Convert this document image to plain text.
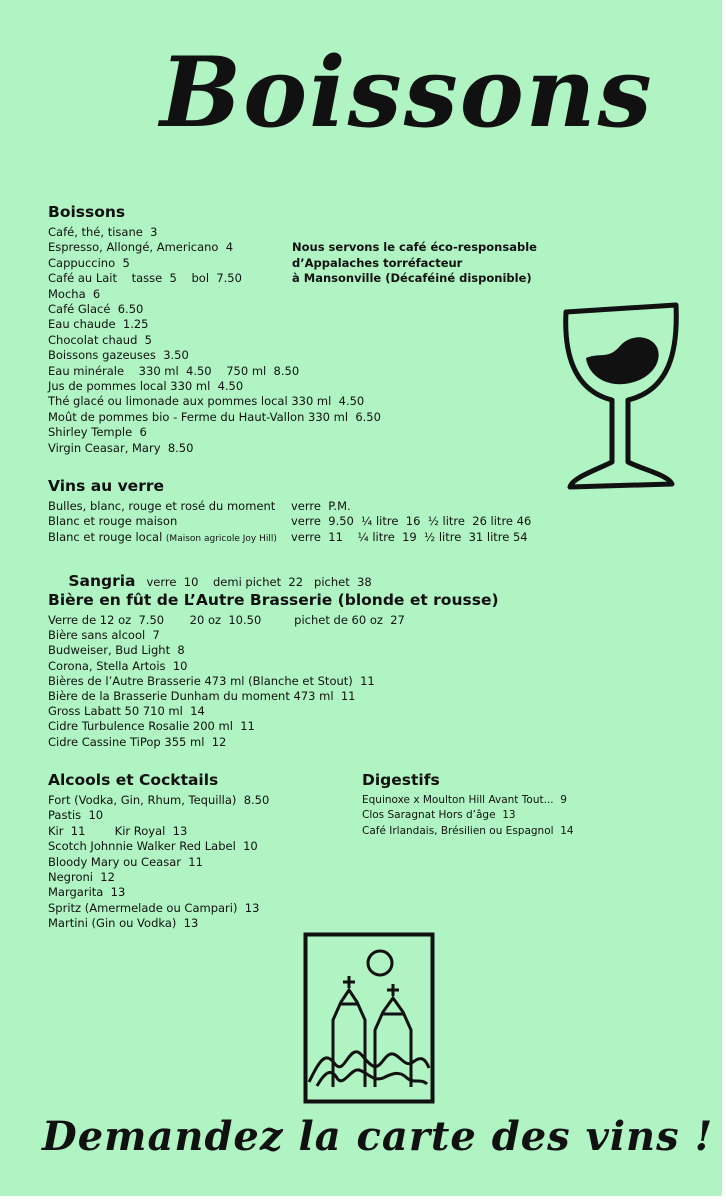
Boissons
Boissons
Café, thé, tisane  3
Espresso, Allongé, Americano  4
Cappuccino  5
Café au Lait    tasse  5    bol  7.50
Mocha  6
Café Glacé  6.50
Eau chaude  1.25
Chocolat chaud  5
Boissons gazeuses  3.50
Eau minérale    330 ml  4.50    750 ml  8.50
Jus de pommes local 330 ml  4.50
Thé glacé ou limonade aux pommes local 330 ml  4.50
Moût de pommes bio - Ferme du Haut-Vallon 330 ml  6.50
Shirley Temple  6
Virgin Ceasar, Mary  8.50
Nous servons le café éco-responsable
d’Appalaches torréfacteur
à Mansonville (Décaféiné disponible)
Vins au verre
Bulles, blanc, rouge et rosé du moment	verre  P.M.
Blanc et rouge maison	verre  9.50  ¼ litre  16  ½ litre  26 litre 46
Blanc et rouge local (Maison agricole Joy Hill)	verre  11    ¼ litre  19  ½ litre  31 litre 54

Sangria   verre  10    demi pichet  22   pichet  38

Bière en fût de L’Autre Brasserie (blonde et rousse)
Verre de 12 oz  7.50       20 oz  10.50         pichet de 60 oz  27
Bière sans alcool  7
Budweiser, Bud Light  8
Corona, Stella Artois  10
Bières de l’Autre Brasserie 473 ml (Blanche et Stout)  11
Bière de la Brasserie Dunham du moment 473 ml  11
Gross Labatt 50 710 ml  14
Cidre Turbulence Rosalie 200 ml  11
Cidre Cassine TiPop 355 ml  12
Alcools et Cocktails
Fort (Vodka, Gin, Rhum, Tequilla)  8.50
Pastis  10
Kir  11        Kir Royal  13
Scotch Johnnie Walker Red Label  10
Bloody Mary ou Ceasar  11
Negroni  12
Margarita  13
Spritz (Amermelade ou Campari)  13
Martini (Gin ou Vodka)  13
Digestifs
Equinoxe x Moulton Hill Avant Tout...  9
Clos Saragnat Hors d’âge  13
Café Irlandais, Brésilien ou Espagnol  14
Demandez la carte des vins !
